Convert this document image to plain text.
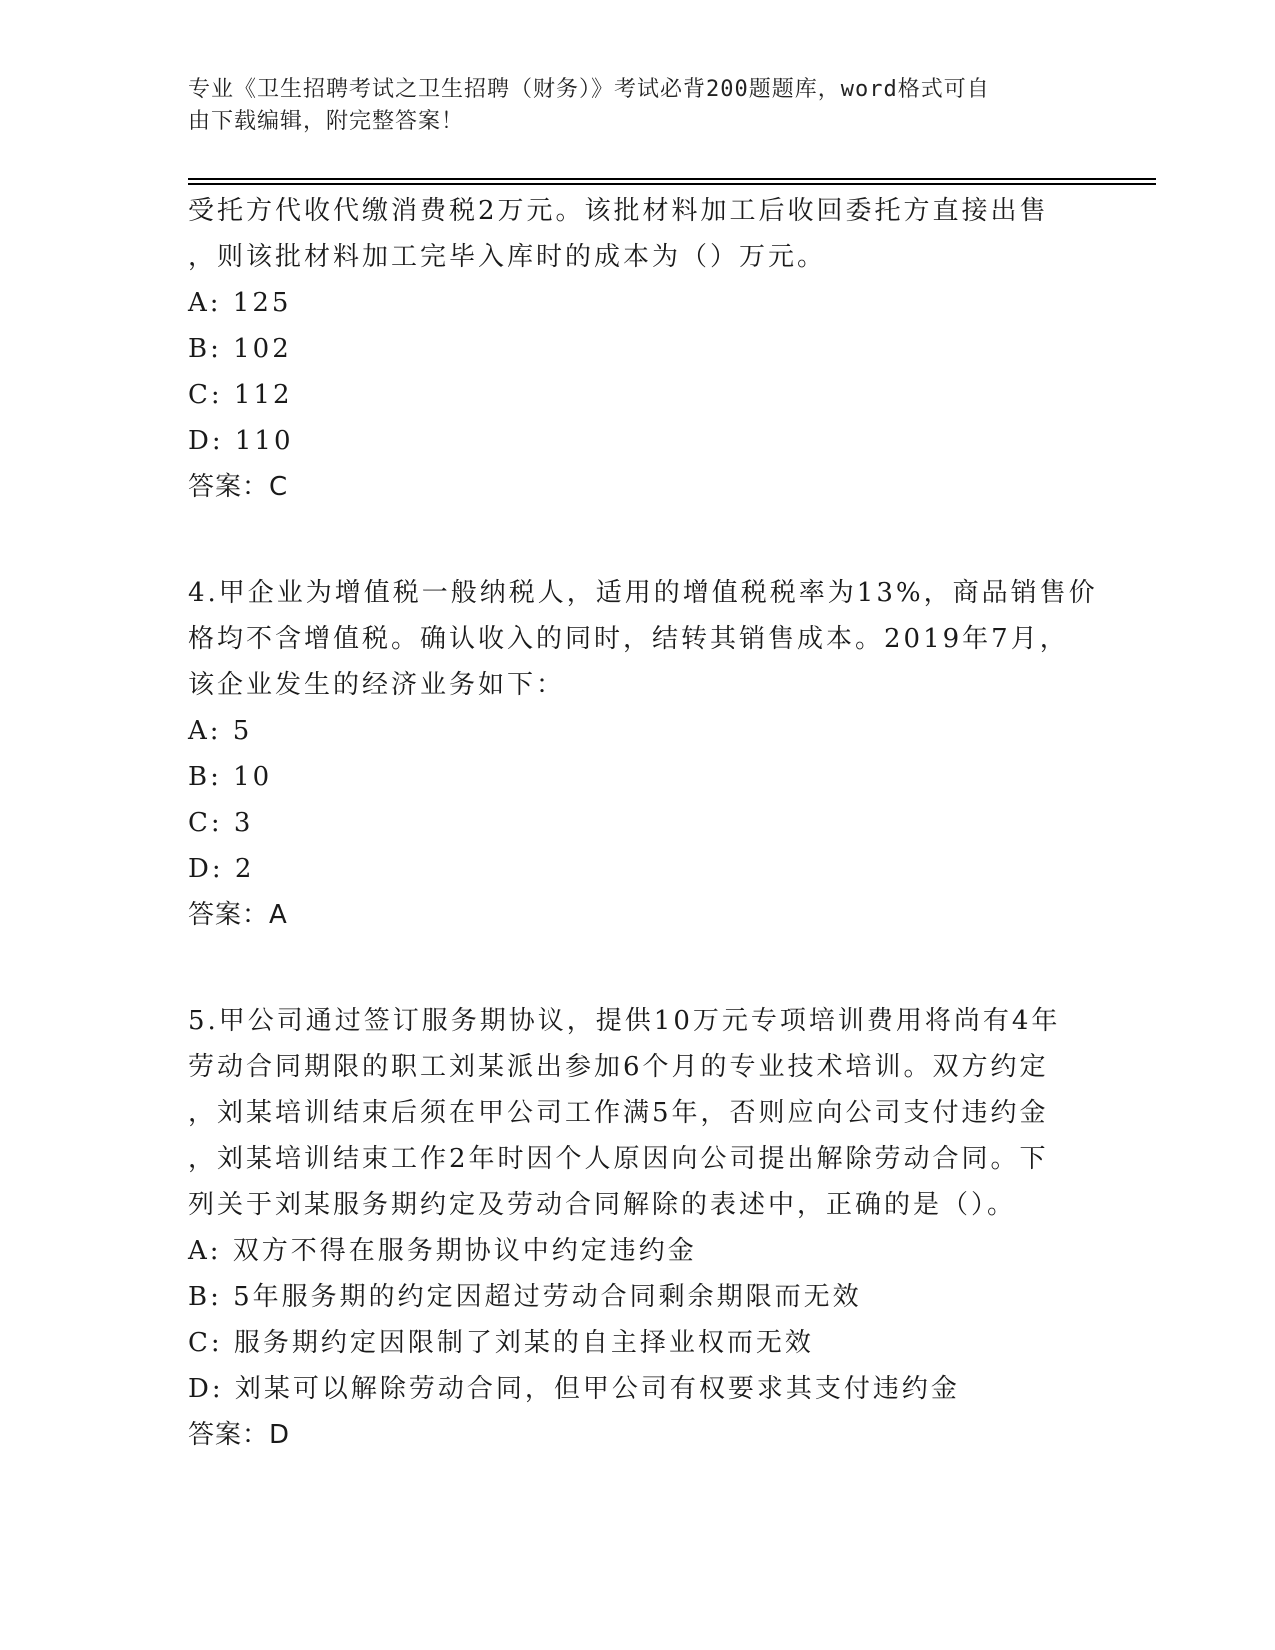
专业《卫生招聘考试之卫生招聘（财务）》考试必背200题题库，word格式可自
由下载编辑，附完整答案！
受托方代收代缴消费税2万元。该批材料加工后收回委托方直接出售
，则该批材料加工完毕入库时的成本为（）万元。
A: 125
B: 102
C: 112
D: 110
答案：C
4.甲企业为增值税一般纳税人，适用的增值税税率为13%，商品销售价
格均不含增值税。确认收入的同时，结转其销售成本。2019年7月，
该企业发生的经济业务如下：
A: 5
B: 10
C: 3
D: 2
答案：A
5.甲公司通过签订服务期协议，提供10万元专项培训费用将尚有4年
劳动合同期限的职工刘某派出参加6个月的专业技术培训。双方约定
，刘某培训结束后须在甲公司工作满5年，否则应向公司支付违约金
，刘某培训结束工作2年时因个人原因向公司提出解除劳动合同。下
列关于刘某服务期约定及劳动合同解除的表述中，正确的是（）。
A: 双方不得在服务期协议中约定违约金
B: 5年服务期的约定因超过劳动合同剩余期限而无效
C: 服务期约定因限制了刘某的自主择业权而无效
D: 刘某可以解除劳动合同，但甲公司有权要求其支付违约金
答案：D
